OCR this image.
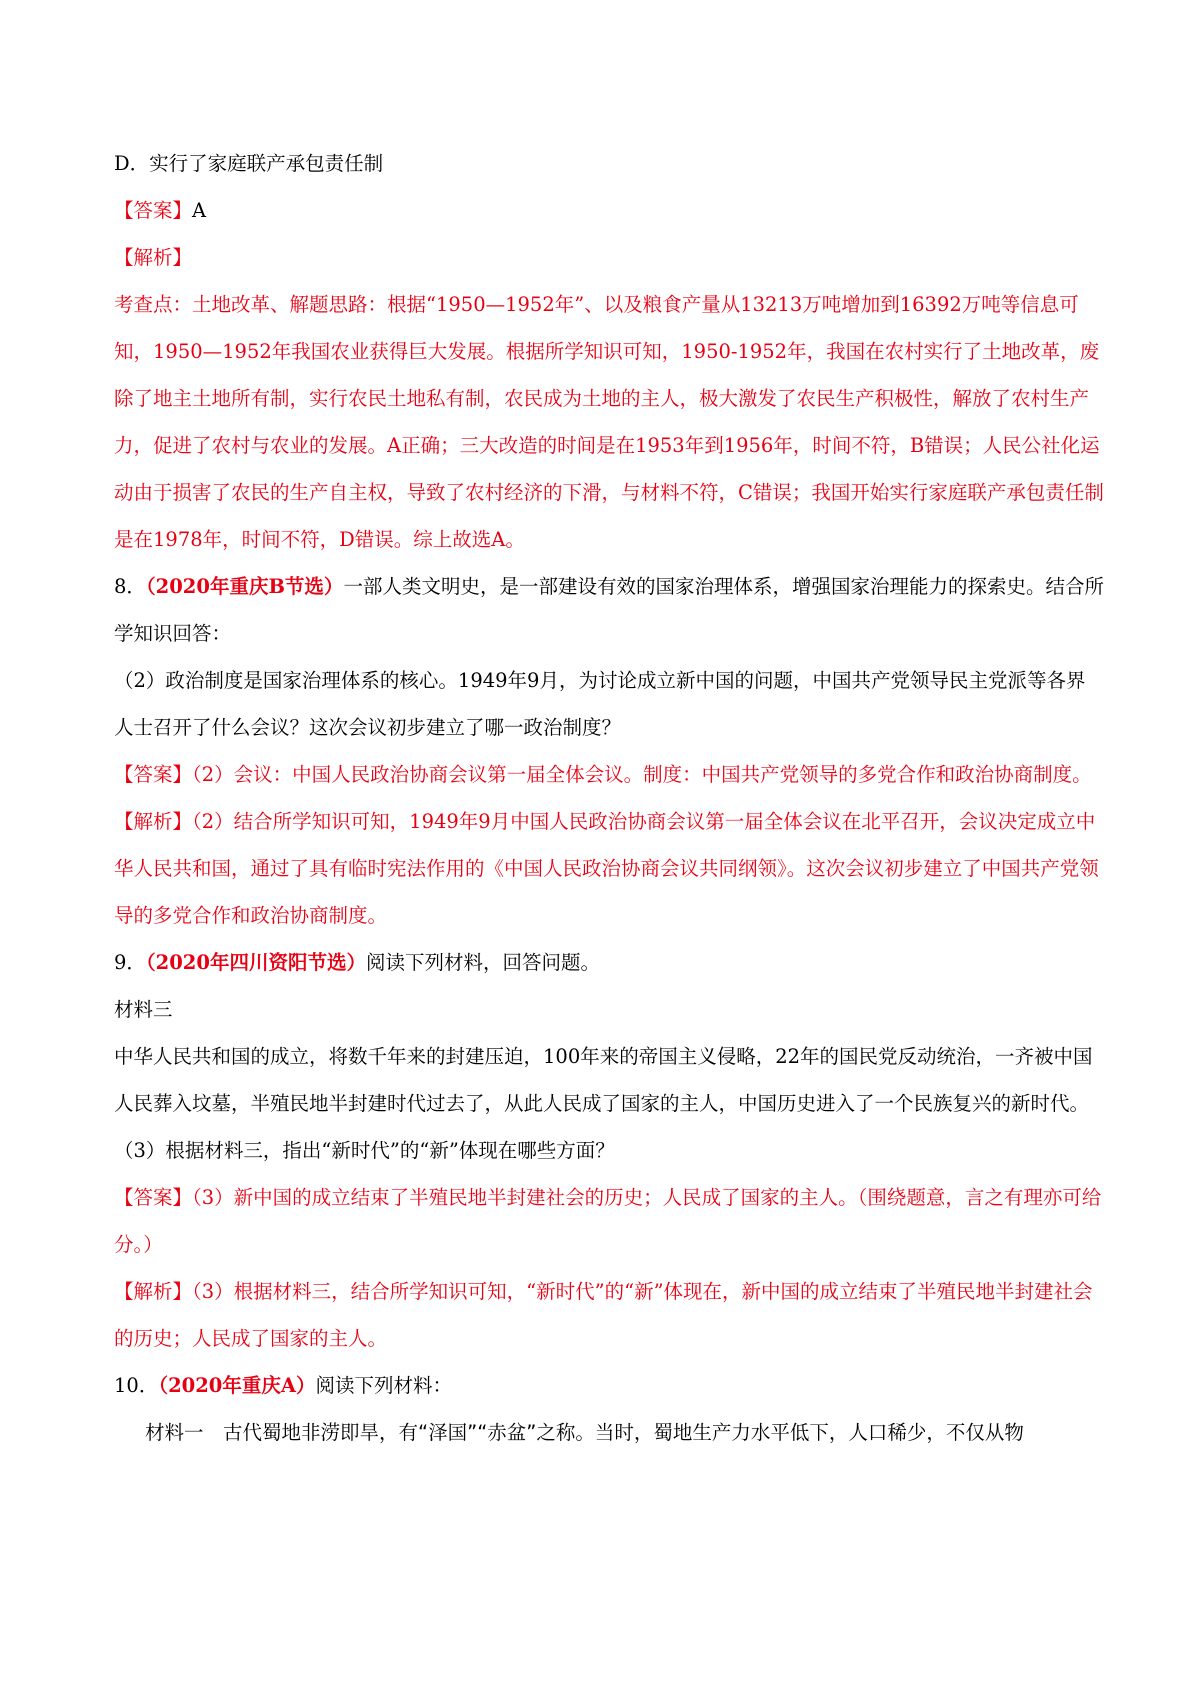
D．实行了家庭联产承包责任制

【答案】A

【解析】

考查点：土地改革、解题思路：根据“1950—1952年”、以及粮食产量从13213万吨增加到16392万吨等信息可知，1950—1952年我国农业获得巨大发展。根据所学知识可知，1950-1952年，我国在农村实行了土地改革，废除了地主土地所有制，实行农民土地私有制，农民成为土地的主人，极大激发了农民生产积极性，解放了农村生产力，促进了农村与农业的发展。A正确；三大改造的时间是在1953年到1956年，时间不符，B错误；人民公社化运动由于损害了农民的生产自主权，导致了农村经济的下滑，与材料不符，C错误；我国开始实行家庭联产承包责任制是在1978年，时间不符，D错误。综上故选A。

8．（2020年重庆B节选）一部人类文明史，是一部建设有效的国家治理体系，增强国家治理能力的探索史。结合所学知识回答：

（2）政治制度是国家治理体系的核心。1949年9月，为讨论成立新中国的问题，中国共产党领导民主党派等各界人士召开了什么会议？这次会议初步建立了哪一政治制度？

【答案】（2）会议：中国人民政治协商会议第一届全体会议。制度：中国共产党领导的多党合作和政治协商制度。

【解析】（2）结合所学知识可知，1949年9月中国人民政治协商会议第一届全体会议在北平召开，会议决定成立中华人民共和国，通过了具有临时宪法作用的《中国人民政治协商会议共同纲领》。这次会议初步建立了中国共产党领导的多党合作和政治协商制度。

9．（2020年四川资阳节选）阅读下列材料，回答问题。

材料三

中华人民共和国的成立，将数千年来的封建压迫，100年来的帝国主义侵略，22年的国民党反动统治，一齐被中国人民葬入坟墓，半殖民地半封建时代过去了，从此人民成了国家的主人，中国历史进入了一个民族复兴的新时代。

（3）根据材料三，指出“新时代”的“新”体现在哪些方面？

【答案】（3）新中国的成立结束了半殖民地半封建社会的历史；人民成了国家的主人。（围绕题意，言之有理亦可给分。）

【解析】（3）根据材料三，结合所学知识可知，“新时代”的“新”体现在，新中国的成立结束了半殖民地半封建社会的历史；人民成了国家的主人。

10．（2020年重庆A）阅读下列材料：

材料一　古代蜀地非涝即旱，有“泽国”“赤盆”之称。当时，蜀地生产力水平低下，人口稀少，不仅从物
